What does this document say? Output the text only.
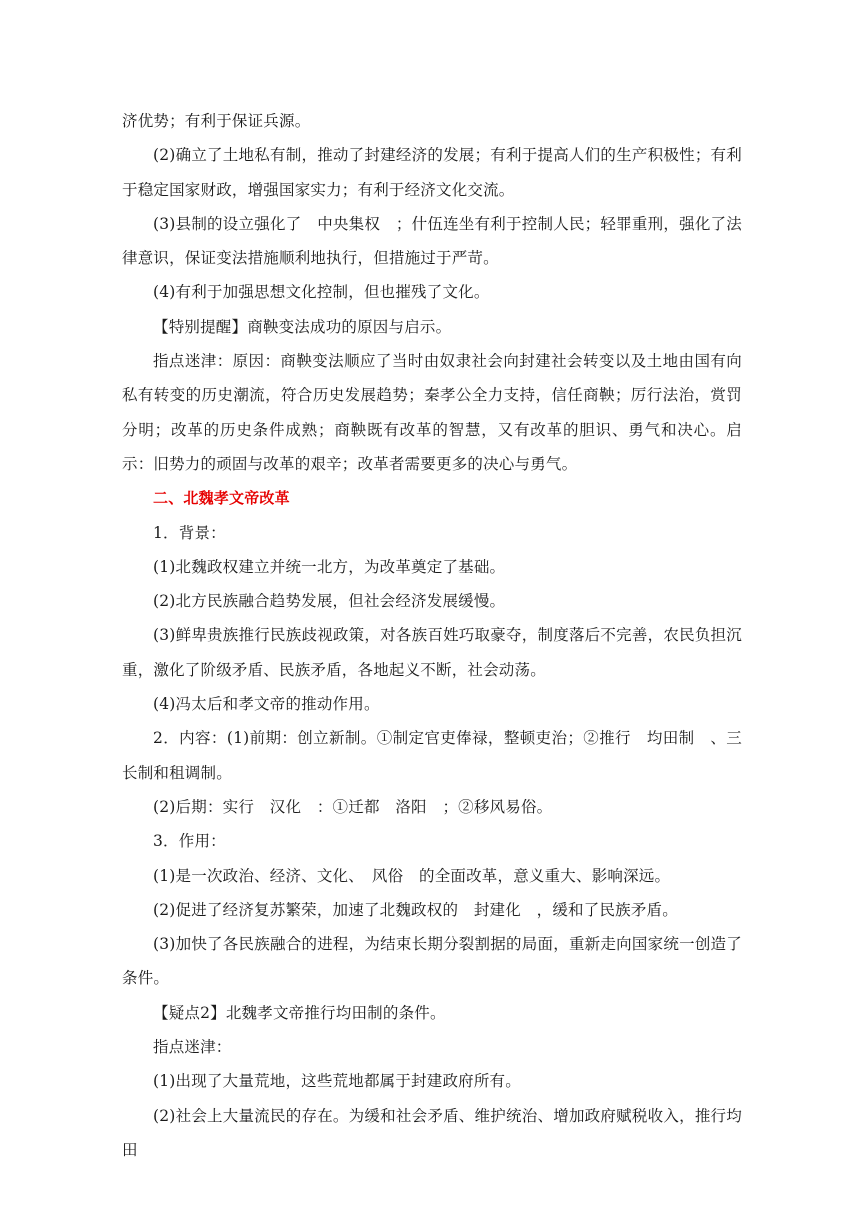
济优势；有利于保证兵源。

(2)确立了土地私有制，推动了封建经济的发展；有利于提高人们的生产积极性；有利于稳定国家财政，增强国家实力；有利于经济文化交流。

(3)县制的设立强化了　中央集权　；什伍连坐有利于控制人民；轻罪重刑，强化了法律意识，保证变法措施顺利地执行，但措施过于严苛。

(4)有利于加强思想文化控制，但也摧残了文化。

【特别提醒】商鞅变法成功的原因与启示。

指点迷津：原因：商鞅变法顺应了当时由奴隶社会向封建社会转变以及土地由国有向私有转变的历史潮流，符合历史发展趋势；秦孝公全力支持，信任商鞅；厉行法治，赏罚分明；改革的历史条件成熟；商鞅既有改革的智慧，又有改革的胆识、勇气和决心。启示：旧势力的顽固与改革的艰辛；改革者需要更多的决心与勇气。

二、北魏孝文帝改革

1．背景：

(1)北魏政权建立并统一北方，为改革奠定了基础。

(2)北方民族融合趋势发展，但社会经济发展缓慢。

(3)鲜卑贵族推行民族歧视政策，对各族百姓巧取豪夺，制度落后不完善，农民负担沉重，激化了阶级矛盾、民族矛盾，各地起义不断，社会动荡。

(4)冯太后和孝文帝的推动作用。

2．内容：(1)前期：创立新制。①制定官吏俸禄，整顿吏治；②推行　均田制　、三长制和租调制。

(2)后期：实行　汉化　：①迁都　洛阳　；②移风易俗。

3．作用：

(1)是一次政治、经济、文化、　风俗　的全面改革，意义重大、影响深远。

(2)促进了经济复苏繁荣，加速了北魏政权的　封建化　，缓和了民族矛盾。

(3)加快了各民族融合的进程，为结束长期分裂割据的局面，重新走向国家统一创造了条件。

【疑点2】北魏孝文帝推行均田制的条件。

指点迷津：

(1)出现了大量荒地，这些荒地都属于封建政府所有。

(2)社会上大量流民的存在。为缓和社会矛盾、维护统治、增加政府赋税收入，推行均田
